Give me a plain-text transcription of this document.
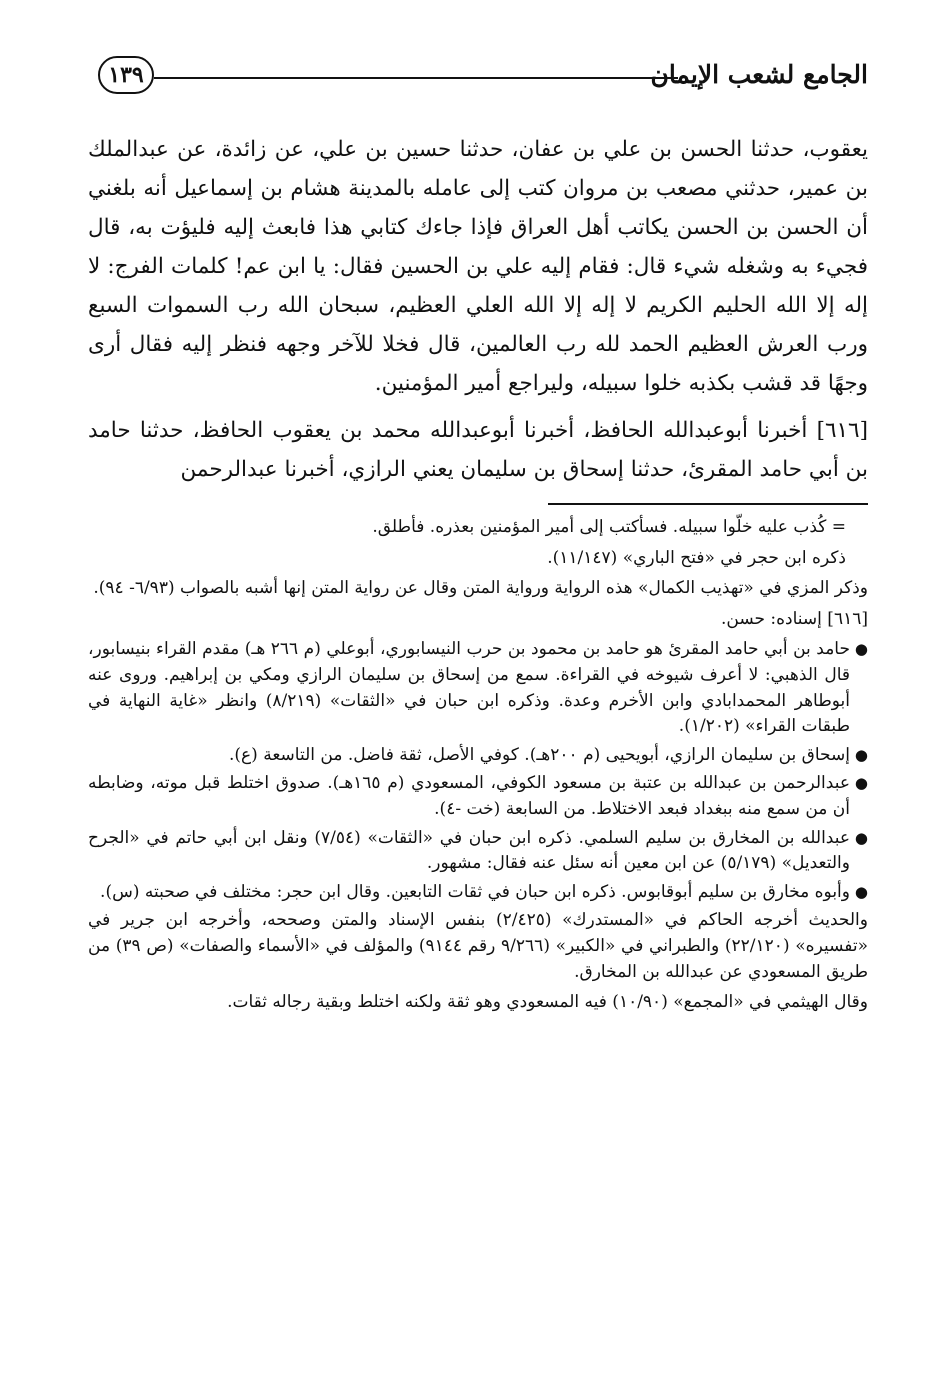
الجامع لشعب الإيمان
١٣٩

يعقوب، حدثنا الحسن بن علي بن عفان، حدثنا حسين بن علي، عن زائدة، عن عبدالملك بن عمير، حدثني مصعب بن مروان كتب إلى عامله بالمدينة هشام بن إسماعيل أنه بلغني أن الحسن بن الحسن يكاتب أهل العراق فإذا جاءك كتابي هذا فابعث إليه فليؤت به، قال فجيء به وشغله شيء قال: فقام إليه علي بن الحسين فقال: يا ابن عم! كلمات الفرج: لا إله إلا الله الحليم الكريم لا إله إلا الله العلي العظيم، سبحان الله رب السموات السبع ورب العرش العظيم الحمد لله رب العالمين، قال فخلا للآخر وجهه فنظر إليه فقال أرى وجهًا قد قشب بكذبه خلوا سبيله، وليراجع أمير المؤمنين.

[٦١٦] أخبرنا أبوعبدالله الحافظ، أخبرنا أبوعبدالله محمد بن يعقوب الحافظ، حدثنا حامد بن أبي حامد المقرئ، حدثنا إسحاق بن سليمان يعني الرازي، أخبرنا عبدالرحمن

= كُذب عليه خلّوا سبيله. فسأكتب إلى أمير المؤمنين بعذره. فأطلق.

ذكره ابن حجر في «فتح الباري» (١١/١٤٧).

وذكر المزي في «تهذيب الكمال» هذه الرواية ورواية المتن وقال عن رواية المتن إنها أشبه بالصواب (٦/٩٣- ٩٤).

[٦١٦] إسناده: حسن.

●
حامد بن أبي حامد المقرئ هو حامد بن محمود بن حرب النيسابوري، أبوعلي (م ٢٦٦ هـ) مقدم القراء بنيسابور، قال الذهبي: لا أعرف شيوخه في القراءة. سمع من إسحاق بن سليمان الرازي ومكي بن إبراهيم. وروى عنه أبوطاهر المحمدابادي وابن الأخرم وعدة. وذكره ابن حبان في «الثقات» (٨/٢١٩) وانظر «غاية النهاية في طبقات القراء» (١/٢٠٢).
●
إسحاق بن سليمان الرازي، أبويحيى (م ٢٠٠هـ). كوفي الأصل، ثقة فاضل. من التاسعة (ع).
●
عبدالرحمن بن عبدالله بن عتبة بن مسعود الكوفي، المسعودي (م ١٦٥هـ). صدوق اختلط قبل موته، وضابطه أن من سمع منه ببغداد فبعد الاختلاط. من السابعة (خت -٤).
●
عبدالله بن المخارق بن سليم السلمي. ذكره ابن حبان في «الثقات» (٧/٥٤) ونقل ابن أبي حاتم في «الجرح والتعديل» (٥/١٧٩) عن ابن معين أنه سئل عنه فقال: مشهور.
●
وأبوه مخارق بن سليم أبوقابوس. ذكره ابن حبان في ثقات التابعين. وقال ابن حجر: مختلف في صحبته (س).

والحديث أخرجه الحاكم في «المستدرك» (٢/٤٢٥) بنفس الإسناد والمتن وصححه، وأخرجه ابن جرير في «تفسيره» (٢٢/١٢٠) والطبراني في «الكبير» (٩/٢٦٦ رقم ٩١٤٤) والمؤلف في «الأسماء والصفات» (ص ٣٩) من طريق المسعودي عن عبدالله بن المخارق.

وقال الهيثمي في «المجمع» (١٠/٩٠) فيه المسعودي وهو ثقة ولكنه اختلط وبقية رجاله ثقات.
